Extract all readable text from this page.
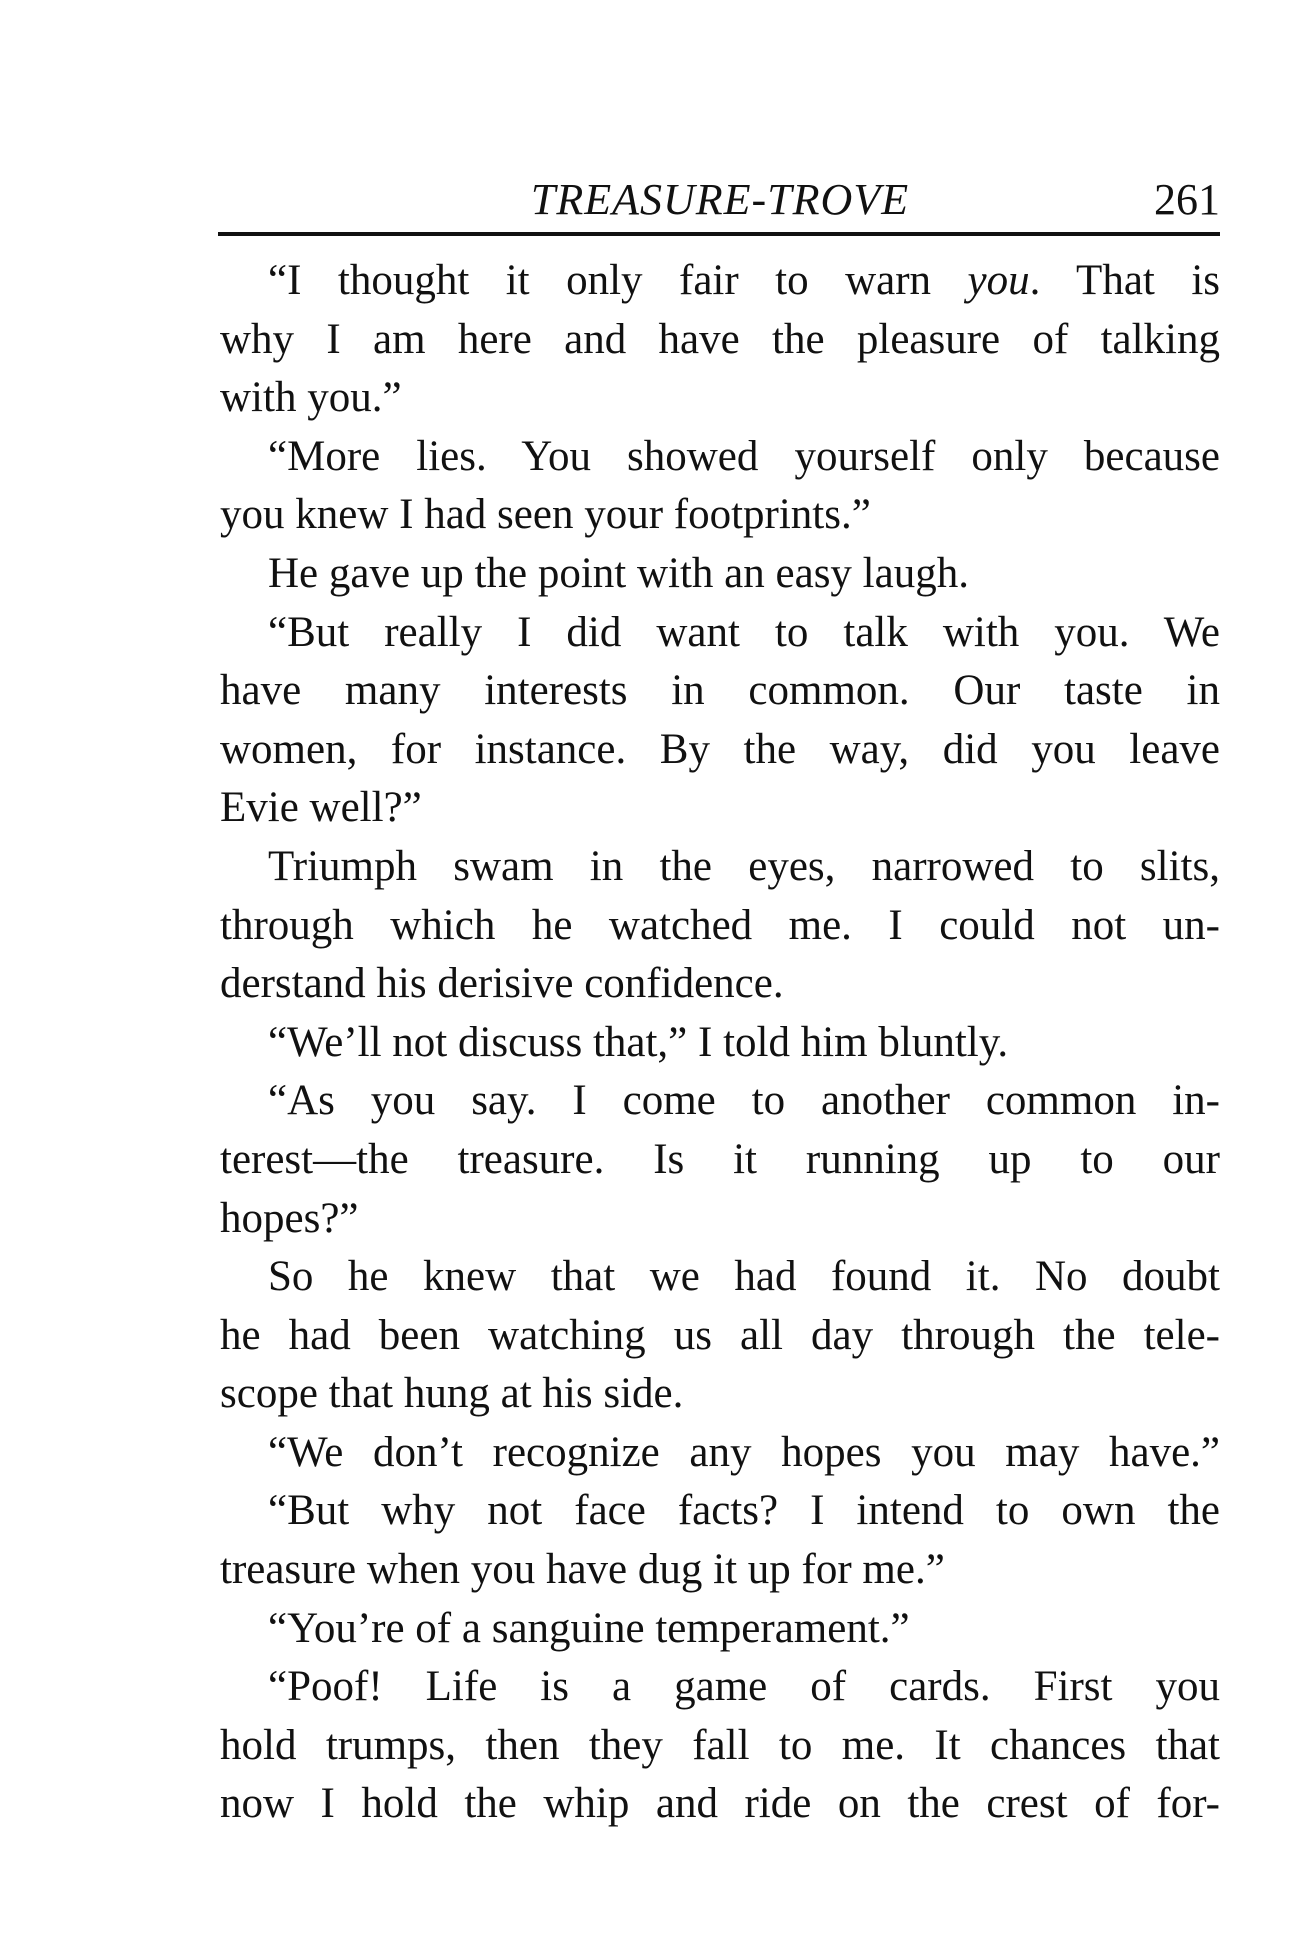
TREASURE-TROVE	261
“I thought it only fair to warn you. That is
why I am here and have the pleasure of talking
with you.”
“More lies. You showed yourself only because
you knew I had seen your footprints.”
He gave up the point with an easy laugh.
“But really I did want to talk with you. We
have many interests in common. Our taste in
women, for instance. By the way, did you leave
Evie well?”
Triumph swam in the eyes, narrowed to slits,
through which he watched me. I could not un-
derstand his derisive confidence.
“We’ll not discuss that,” I told him bluntly.
“As you say. I come to another common in-
terest—the treasure. Is it running up to our
hopes?”
So he knew that we had found it. No doubt
he had been watching us all day through the tele-
scope that hung at his side.
“We don’t recognize any hopes you may have.”
“But why not face facts? I intend to own the
treasure when you have dug it up for me.”
“You’re of a sanguine temperament.”
“Poof! Life is a game of cards. First you
hold trumps, then they fall to me. It chances that
now I hold the whip and ride on the crest of for-
